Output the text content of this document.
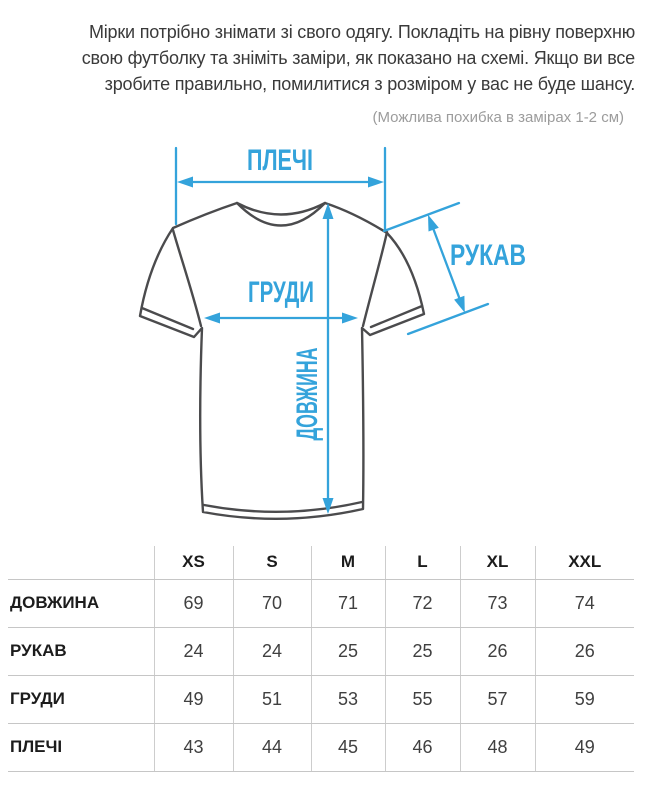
Мірки потрібно знімати зі свого одягу. Покладіть на рівну поверхню
свою футболку та зніміть заміри, як показано на схемі. Якщо ви все
зробите правильно, помилитися з розміром у вас не буде шансу.
(Можлива похибка в замірах 1-2 см)
ПЛЕЧІ
ГРУДИ
РУКАВ
ДОВЖИНА
	XS	S	M	L	XL	XXL
ДОВЖИНА	69	70	71	72	73	74
РУКАВ	24	24	25	25	26	26
ГРУДИ	49	51	53	55	57	59
ПЛЕЧІ	43	44	45	46	48	49
